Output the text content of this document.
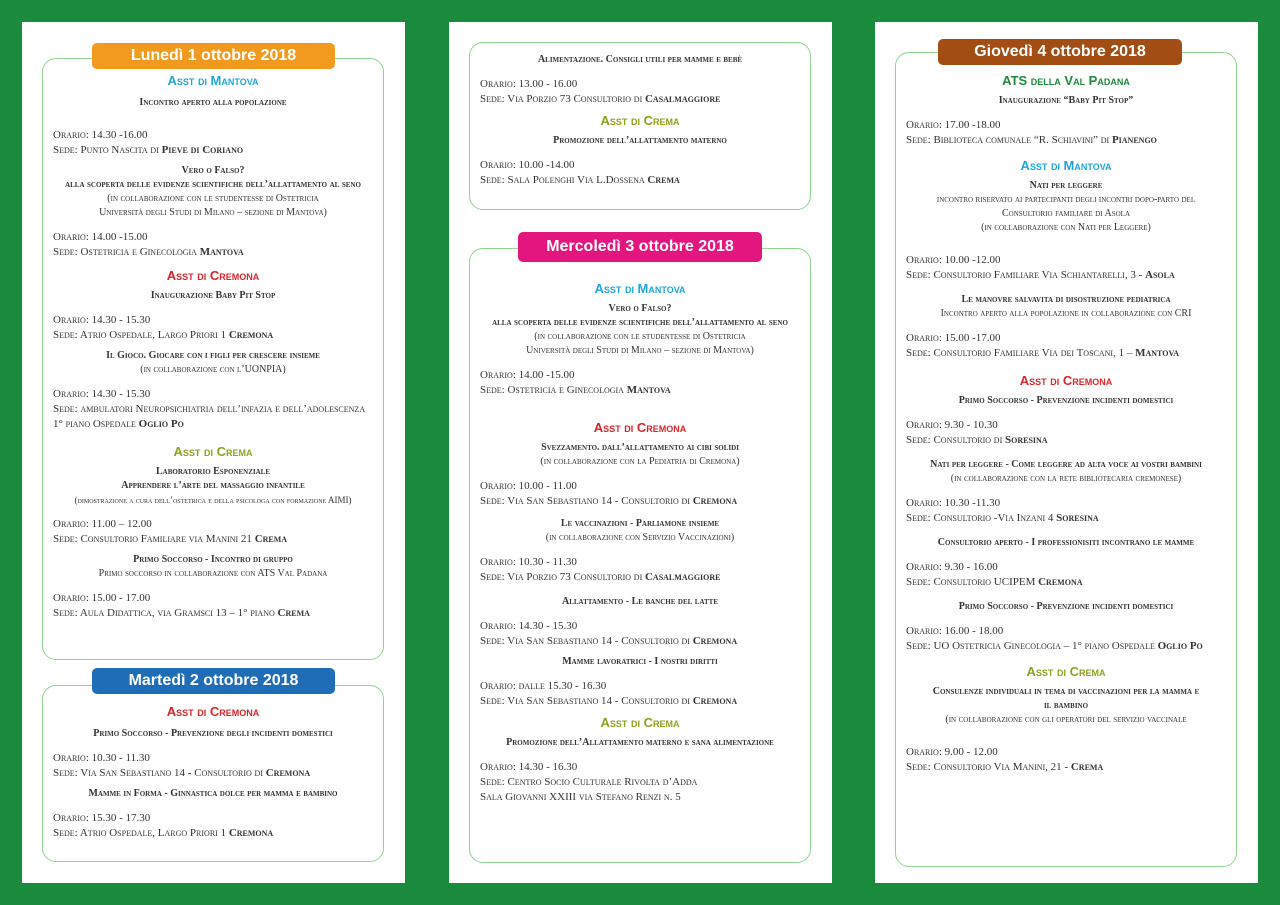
Asst di Mantova

Incontro aperto alla popolazione

Orario: 14.30 -16.00

Sede: Punto Nascita di Pieve di Coriano

Vero o Falso?

alla scoperta delle evidenze scientifiche dell’allattamento al seno

(in collaborazione con le studentesse di Ostetricia

Università degli Studi di Milano – sezione di Mantova)

Orario: 14.00 -15.00

Sede: Ostetricia e Ginecologia Mantova

Asst di Cremona

Inaugurazione Baby Pit Stop

Orario: 14.30 - 15.30

Sede: Atrio Ospedale, Largo Priori 1 Cremona

Il Gioco. Giocare con i figli per crescere insieme

(in collaborazione con l’UONPIA)

Orario: 14.30 - 15.30

Sede: ambulatori Neuropsichiatria dell’infazia e dell’adolescenza

1° piano Ospedale Oglio Po

Asst di Crema

Laboratorio Esponenziale

Apprendere l’arte del massaggio infantile

(dimostrazione a cura dell’ostetrica e della psicologa con formazione AIMI)

Orario: 11.00 – 12.00

Sede: Consultorio Familiare via Manini 21 Crema

Primo Soccorso - Incontro di gruppo

Primo soccorso in collaborazione con ATS Val Padana

Orario: 15.00 - 17.00

Sede: Aula Didattica, via Gramsci 13 – 1° piano Crema

Lunedì 1 ottobre 2018

Asst di Cremona

Primo Soccorso - Prevenzione degli incidenti domestici

Orario: 10.30 - 11.30

Sede: Via San Sebastiano 14 - Consultorio di Cremona

Mamme in Forma - Ginnastica dolce per mamma e bambino

Orario: 15.30 - 17.30

Sede: Atrio Ospedale, Largo Priori 1 Cremona

Martedì 2 ottobre 2018

Alimentazione. Consigli utili per mamme e bebè

Orario: 13.00 - 16.00

Sede: Via Porzio 73 Consultorio di Casalmaggiore

Asst di Crema

Promozione dell’allattamento materno

Orario: 10.00 -14.00

Sede: Sala Polenghi Via L.Dossena Crema

Asst di Mantova

Vero o Falso?

alla scoperta delle evidenze scientifiche dell’allattamento al seno

(in collaborazione con le studentesse di Ostetricia

Università degli Studi di Milano – sezione di Mantova)

Orario: 14.00 -15.00

Sede: Ostetricia e Ginecologia Mantova

Asst di Cremona

Svezzamento. dall’allattamento ai cibi solidi

(in collaborazione con la Pediatria di Cremona)

Orario: 10.00 - 11.00

Sede: Via San Sebastiano 14 - Consultorio di Cremona

Le vaccinazioni - Parliamone insieme

(in collaborazione con Servizio Vaccinazioni)

Orario: 10.30 - 11.30

Sede: Via Porzio 73 Consultorio di Casalmaggiore

Allattamento - Le banche del latte

Orario: 14.30 - 15.30

Sede: Via San Sebastiano 14 - Consultorio di Cremona

Mamme lavoratrici - I nostri diritti

Orario: dalle 15.30 - 16.30

Sede: Via San Sebastiano 14 - Consultorio di Cremona

Asst di Crema

Promozione dell’Allattamento materno e sana alimentazione

Orario: 14.30 - 16.30

Sede: Centro Socio Culturale Rivolta d’Adda

Sala Giovanni XXIII via Stefano Renzi n. 5

Mercoledì 3 ottobre 2018

ATS della Val Padana

Inaugurazione “Baby Pit Stop”

Orario: 17.00 -18.00

Sede: Biblioteca comunale “R. Schiavini” di Pianengo

Asst di Mantova

Nati per leggere

incontro riservato ai partecipanti degli incontri dopo-parto del

Consultorio familiare di Asola

(in collaborazione con Nati per Leggere)

Orario: 10.00 -12.00

Sede: Consultorio Familiare Via Schiantarelli, 3 - Asola

Le manovre salvavita di disostruzione pediatrica

Incontro aperto alla popolazione in collaborazione con CRI

Orario: 15.00 -17.00

Sede: Consultorio Familiare Via dei Toscani, 1 – Mantova

Asst di Cremona

Primo Soccorso - Prevenzione incidenti domestici

Orario: 9.30 - 10.30

Sede: Consultorio di Soresina

Nati per leggere - Come leggere ad alta voce ai vostri bambini

(in collaborazione con la rete bibliotecaria cremonese)

Orario: 10.30 -11.30

Sede: Consultorio -Via Inzani 4 Soresina

Consultorio aperto - I professionisiti incontrano le mamme

Orario: 9.30 - 16.00

Sede: Consultorio UCIPEM Cremona

Primo Soccorso - Prevenzione incidenti domestici

Orario: 16.00 - 18.00

Sede: UO Ostetricia Ginecologia – 1° piano Ospedale Oglio Po

Asst di Crema

Consulenze individuali in tema di vaccinazioni per la mamma e

il bambino

(in collaborazione con gli operatori del servizio vaccinale

Orario: 9.00 - 12.00

Sede: Consultorio Via Manini, 21 - Crema

Giovedì 4 ottobre 2018
